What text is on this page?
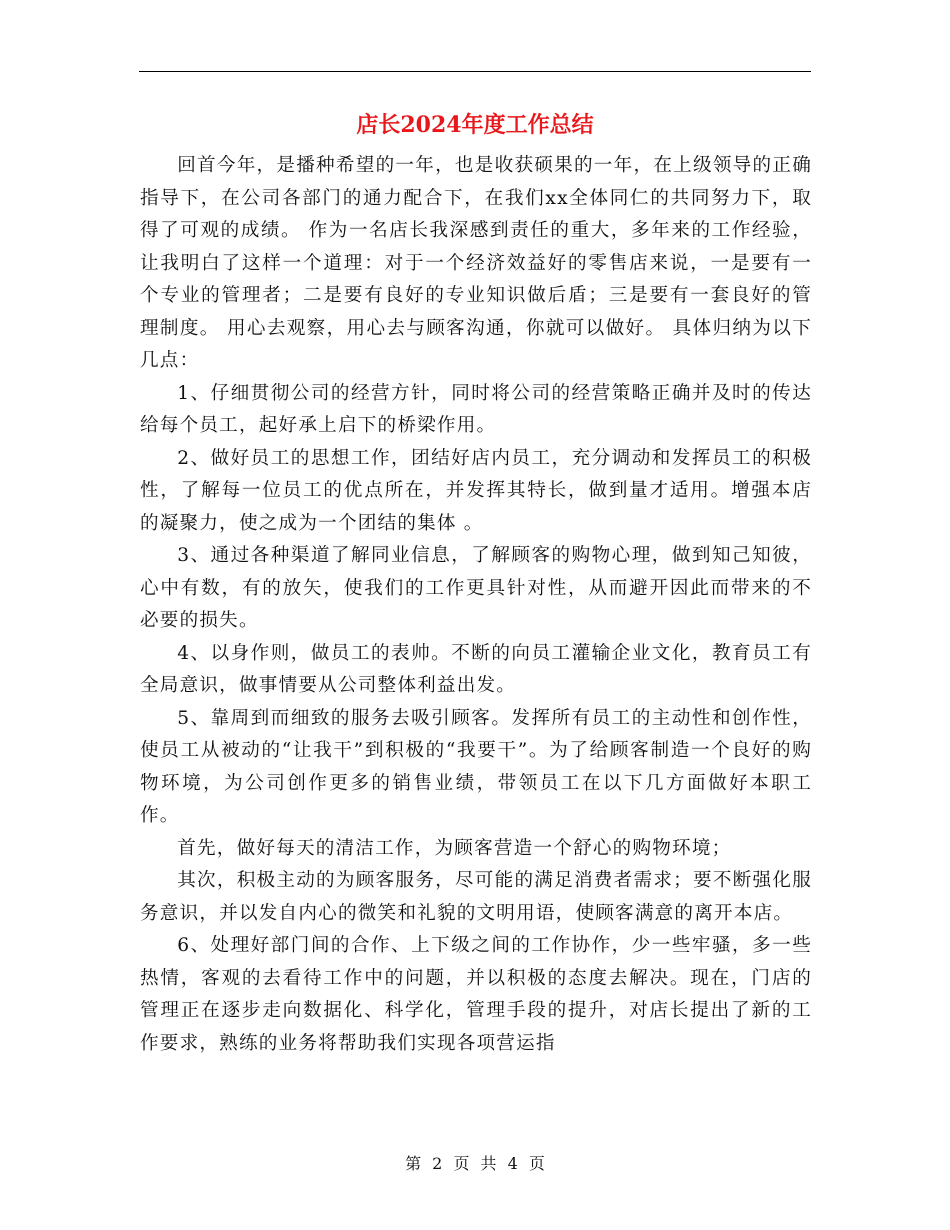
店长2024年度工作总结

回首今年，是播种希望的一年，也是收获硕果的一年，在上级领导的正确指导下，在公司各部门的通力配合下，在我们xx全体同仁的共同努力下，取得了可观的成绩。 作为一名店长我深感到责任的重大，多年来的工作经验，让我明白了这样一个道理：对于一个经济效益好的零售店来说，一是要有一个专业的管理者；二是要有良好的专业知识做后盾；三是要有一套良好的管理制度。 用心去观察，用心去与顾客沟通，你就可以做好。 具体归纳为以下几点：

1、仔细贯彻公司的经营方针，同时将公司的经营策略正确并及时的传达给每个员工，起好承上启下的桥梁作用。

2、做好员工的思想工作，团结好店内员工，充分调动和发挥员工的积极性，了解每一位员工的优点所在，并发挥其特长，做到量才适用。增强本店的凝聚力，使之成为一个团结的集体 。

3、通过各种渠道了解同业信息，了解顾客的购物心理，做到知己知彼，心中有数，有的放矢，使我们的工作更具针对性，从而避开因此而带来的不必要的损失。

4、以身作则，做员工的表帅。不断的向员工灌输企业文化，教育员工有全局意识，做事情要从公司整体利益出发。

5、靠周到而细致的服务去吸引顾客。发挥所有员工的主动性和创作性，使员工从被动的“让我干”到积极的“我要干”。为了给顾客制造一个良好的购物环境，为公司创作更多的销售业绩，带领员工在以下几方面做好本职工作。

首先，做好每天的清洁工作，为顾客营造一个舒心的购物环境；

其次，积极主动的为顾客服务，尽可能的满足消费者需求；要不断强化服务意识，并以发自内心的微笑和礼貌的文明用语，使顾客满意的离开本店。

6、处理好部门间的合作、上下级之间的工作协作，少一些牢骚，多一些热情，客观的去看待工作中的问题，并以积极的态度去解决。现在，门店的管理正在逐步走向数据化、科学化，管理手段的提升，对店长提出了新的工作要求，熟练的业务将帮助我们实现各项营运指

第 2 页 共 4 页
